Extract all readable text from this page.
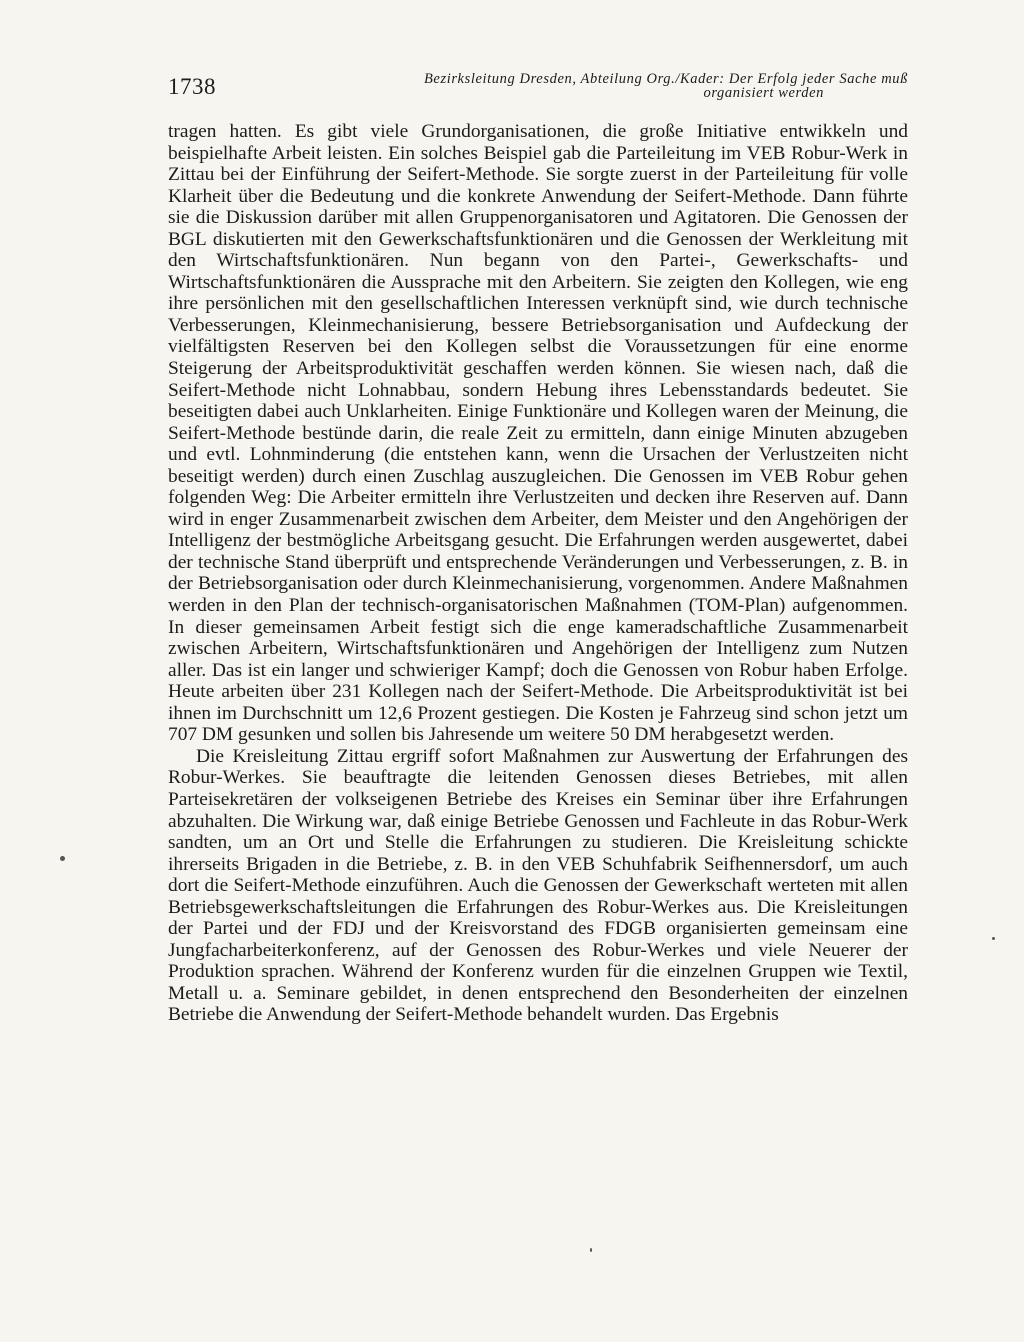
1738	Bezirksleitung Dresden, Abteilung Org./Kader: Der Erfolg jeder Sache muß
organisiert werden

tragen hatten. Es gibt viele Grundorganisationen, die große Initiative entwikkeln und beispielhafte Arbeit leisten. Ein solches Beispiel gab die Parteileitung im VEB Robur-Werk in Zittau bei der Einführung der Seifert-Methode. Sie sorgte zuerst in der Parteileitung für volle Klarheit über die Bedeutung und die konkrete Anwendung der Seifert-Methode. Dann führte sie die Diskussion darüber mit allen Gruppenorganisatoren und Agitatoren. Die Genossen der BGL diskutierten mit den Gewerkschaftsfunktionären und die Genossen der Werkleitung mit den Wirtschaftsfunktionären. Nun begann von den Partei-, Gewerkschafts- und Wirtschaftsfunktionären die Aussprache mit den Arbeitern. Sie zeigten den Kollegen, wie eng ihre persönlichen mit den gesellschaftlichen Interessen verknüpft sind, wie durch technische Verbesserungen, Kleinmechanisierung, bessere Betriebsorganisation und Aufdeckung der vielfältigsten Reserven bei den Kollegen selbst die Voraussetzungen für eine enorme Steigerung der Arbeitsproduktivität geschaffen werden können. Sie wiesen nach, daß die Seifert-Methode nicht Lohnabbau, sondern Hebung ihres Lebensstandards bedeutet. Sie beseitigten dabei auch Unklarheiten. Einige Funktionäre und Kollegen waren der Meinung, die Seifert-Methode bestünde darin, die reale Zeit zu ermitteln, dann einige Minuten abzugeben und evtl. Lohnminderung (die entstehen kann, wenn die Ursachen der Verlustzeiten nicht beseitigt werden) durch einen Zuschlag auszugleichen. Die Genossen im VEB Robur gehen folgenden Weg: Die Arbeiter ermitteln ihre Verlustzeiten und decken ihre Reserven auf. Dann wird in enger Zusammenarbeit zwischen dem Arbeiter, dem Meister und den Angehörigen der Intelligenz der bestmögliche Arbeitsgang gesucht. Die Erfahrungen werden ausgewertet, dabei der technische Stand überprüft und entsprechende Veränderungen und Verbesserungen, z. B. in der Betriebsorganisation oder durch Kleinmechanisierung, vorgenommen. Andere Maßnahmen werden in den Plan der technisch-organisatorischen Maßnahmen (TOM-Plan) aufgenommen. In dieser gemeinsamen Arbeit festigt sich die enge kameradschaftliche Zusammenarbeit zwischen Arbeitern, Wirtschaftsfunktionären und Angehörigen der Intelligenz zum Nutzen aller. Das ist ein langer und schwieriger Kampf; doch die Genossen von Robur haben Erfolge. Heute arbeiten über 231 Kollegen nach der Seifert-Methode. Die Arbeitsproduktivität ist bei ihnen im Durchschnitt um 12,6 Prozent gestiegen. Die Kosten je Fahrzeug sind schon jetzt um 707 DM gesunken und sollen bis Jahresende um weitere 50 DM herabgesetzt werden.

Die Kreisleitung Zittau ergriff sofort Maßnahmen zur Auswertung der Erfahrungen des Robur-Werkes. Sie beauftragte die leitenden Genossen dieses Betriebes, mit allen Parteisekretären der volkseigenen Betriebe des Kreises ein Seminar über ihre Erfahrungen abzuhalten. Die Wirkung war, daß einige Betriebe Genossen und Fachleute in das Robur-Werk sandten, um an Ort und Stelle die Erfahrungen zu studieren. Die Kreisleitung schickte ihrerseits Brigaden in die Betriebe, z. B. in den VEB Schuhfabrik Seifhennersdorf, um auch dort die Seifert-Methode einzuführen. Auch die Genossen der Gewerkschaft werteten mit allen Betriebsgewerkschaftsleitungen die Erfahrungen des Robur-Werkes aus. Die Kreisleitungen der Partei und der FDJ und der Kreisvorstand des FDGB organisierten gemeinsam eine Jungfacharbeiterkonferenz, auf der Genossen des Robur-Werkes und viele Neuerer der Produktion sprachen. Während der Konferenz wurden für die einzelnen Gruppen wie Textil, Metall u. a. Seminare gebildet, in denen entsprechend den Besonderheiten der einzelnen Betriebe die Anwendung der Seifert-Methode behandelt wurden. Das Ergebnis
